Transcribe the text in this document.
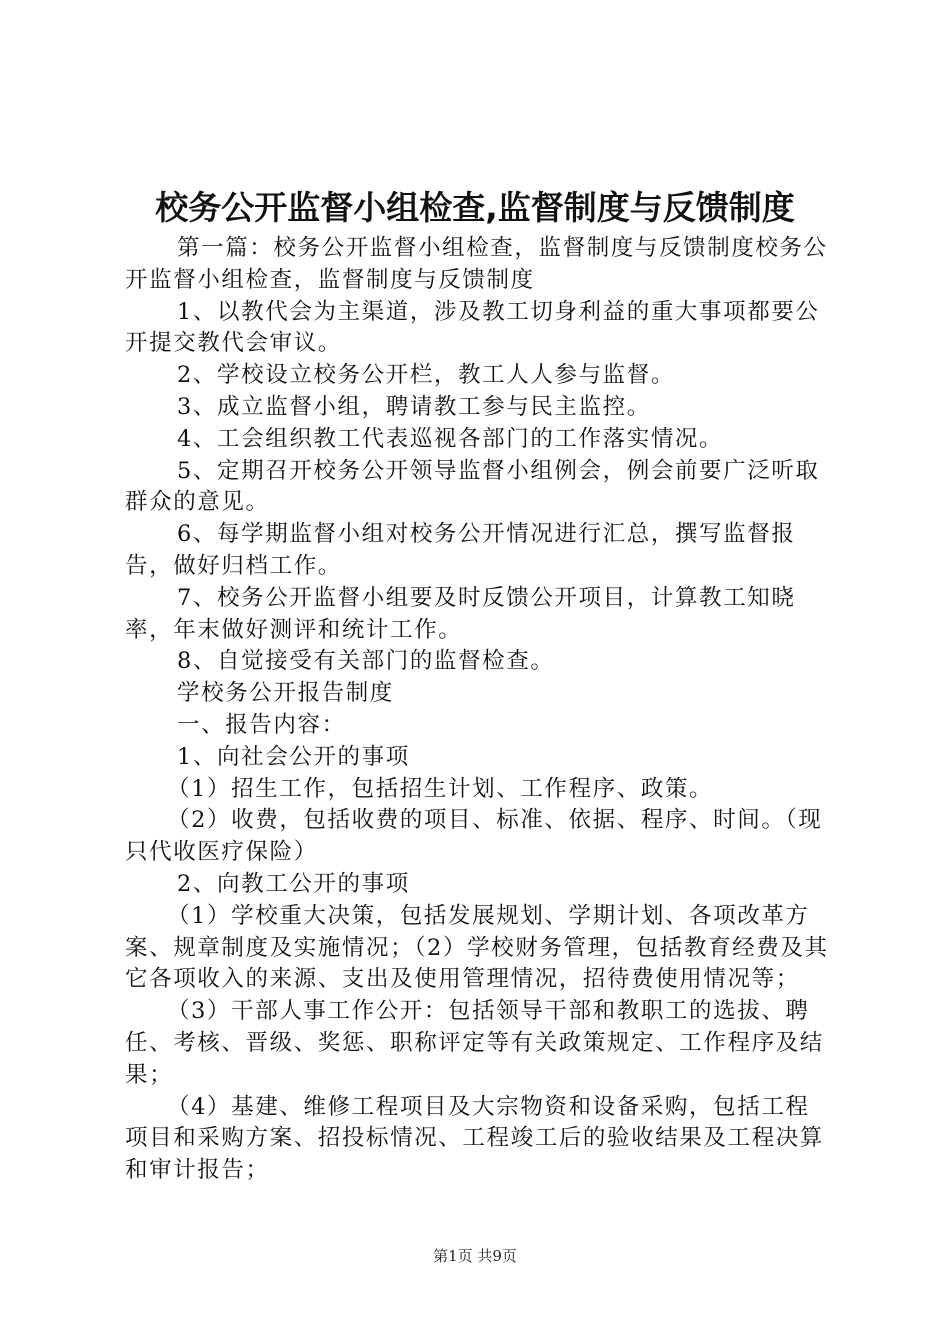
校务公开监督小组检查,监督制度与反馈制度

第一篇：校务公开监督小组检查，监督制度与反馈制度校务公开监督小组检查，监督制度与反馈制度

1、以教代会为主渠道，涉及教工切身利益的重大事项都要公开提交教代会审议。

2、学校设立校务公开栏，教工人人参与监督。

3、成立监督小组，聘请教工参与民主监控。

4、工会组织教工代表巡视各部门的工作落实情况。

5、定期召开校务公开领导监督小组例会，例会前要广泛听取群众的意见。

6、每学期监督小组对校务公开情况进行汇总，撰写监督报告，做好归档工作。

7、校务公开监督小组要及时反馈公开项目，计算教工知晓率，年末做好测评和统计工作。

8、自觉接受有关部门的监督检查。

学校务公开报告制度

一、报告内容：

1、向社会公开的事项

（1）招生工作，包括招生计划、工作程序、政策。

（2）收费，包括收费的项目、标准、依据、程序、时间。（现只代收医疗保险）

2、向教工公开的事项

（1）学校重大决策，包括发展规划、学期计划、各项改革方案、规章制度及实施情况；（2）学校财务管理，包括教育经费及其它各项收入的来源、支出及使用管理情况，招待费使用情况等；

（3）干部人事工作公开：包括领导干部和教职工的选拔、聘任、考核、晋级、奖惩、职称评定等有关政策规定、工作程序及结果；

（4）基建、维修工程项目及大宗物资和设备采购，包括工程项目和采购方案、招投标情况、工程竣工后的验收结果及工程决算和审计报告；

第1页 共9页
